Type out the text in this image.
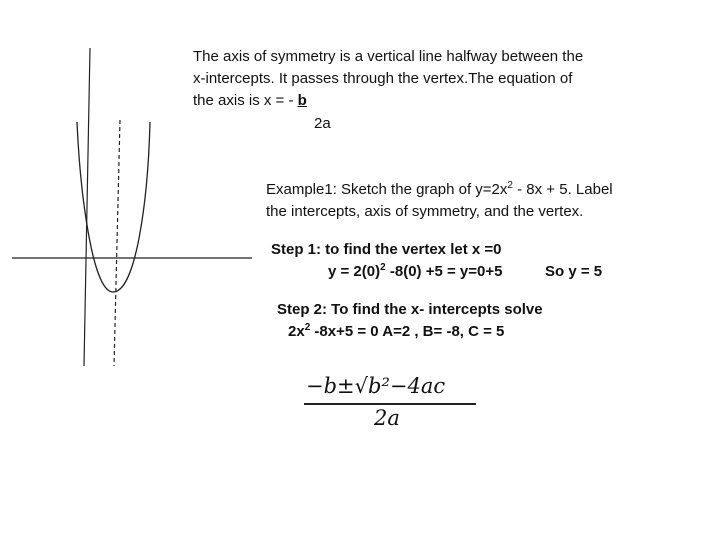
The axis of symmetry is a vertical line halfway between the
x-intercepts. It passes through the vertex.The equation of
the axis is x = - b
2a
Example1: Sketch the graph of $y=2x^2 - 8x + 5$. Label
the intercepts, axis of symmetry, and the vertex.
Step 1: to find the vertex let x =0
$y = 2(0)^2$ -8(0) +5 = y=0+5	So y = 5
Step 2: To find the x- intercepts solve
$2x^2$ -8x+5 = 0 A=2 , B= -8, C = 5
−b±√b²−4ac
2a
